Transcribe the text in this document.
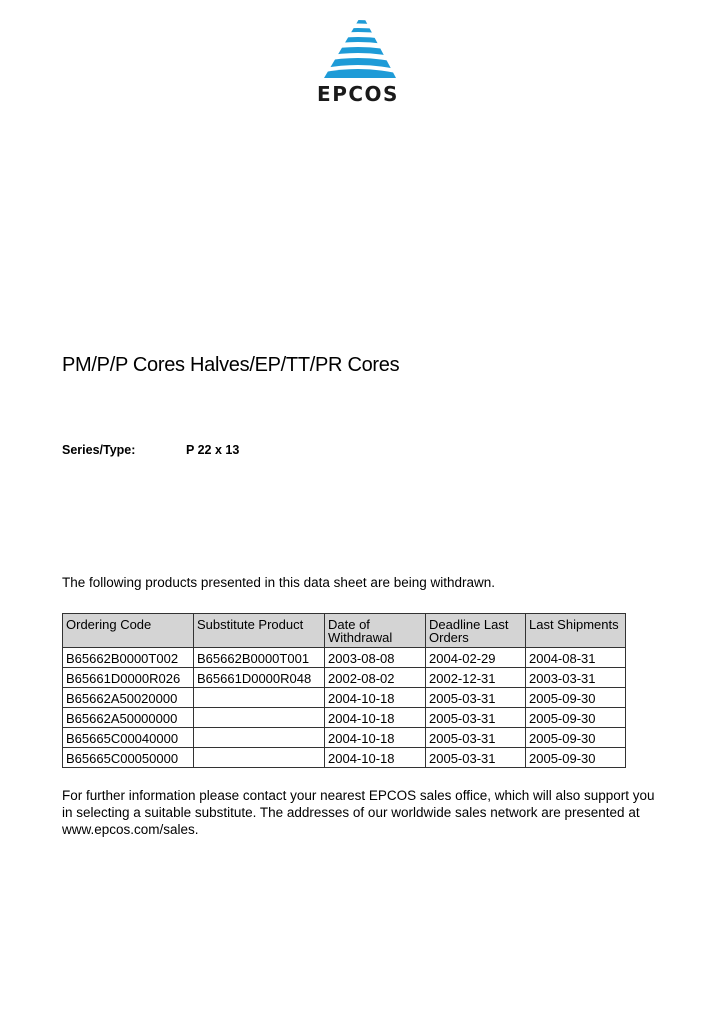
EPCOS
PM/P/P Cores Halves/EP/TT/PR Cores
Series/Type:	P 22 x 13
The following products presented in this data sheet are being withdrawn.
Ordering Code	Substitute Product	Date of Withdrawal	Deadline Last Orders	Last Shipments
B65662B0000T002	B65662B0000T001	2003-08-08	2004-02-29	2004-08-31
B65661D0000R026	B65661D0000R048	2002-08-02	2002-12-31	2003-03-31
B65662A50020000		2004-10-18	2005-03-31	2005-09-30
B65662A50000000		2004-10-18	2005-03-31	2005-09-30
B65665C00040000		2004-10-18	2005-03-31	2005-09-30
B65665C00050000		2004-10-18	2005-03-31	2005-09-30
For further information please contact your nearest EPCOS sales office, which will also support you in selecting a suitable substitute. The addresses of our worldwide sales network are presented at www.epcos.com/sales.
